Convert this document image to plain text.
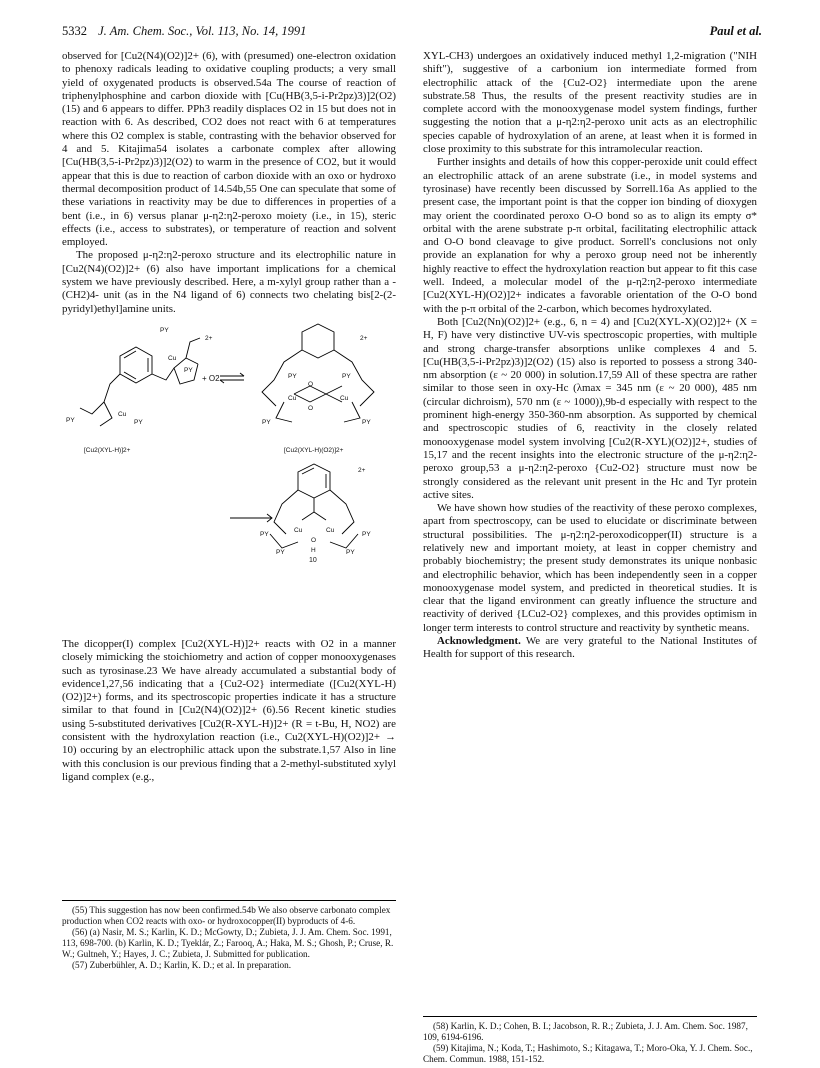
5332 J. Am. Chem. Soc., Vol. 113, No. 14, 1991	Paul et al.

observed for [Cu2(N4)(O2)]2+ (6), with (presumed) one-electron oxidation to phenoxy radicals leading to oxidative coupling products; a very small yield of oxygenated products is observed.54a The course of reaction of triphenylphosphine and carbon dioxide with [Cu(HB(3,5-i-Pr2pz)3)]2(O2) (15) and 6 appears to differ. PPh3 readily displaces O2 in 15 but does not in reaction with 6. As described, CO2 does not react with 6 at temperatures where this O2 complex is stable, contrasting with the behavior observed for 4 and 5. Kitajima54 isolates a carbonate complex after allowing [Cu(HB(3,5-i-Pr2pz)3)]2(O2) to warm in the presence of CO2, but it would appear that this is due to reaction of carbon dioxide with an oxo or hydroxo thermal decomposition product of 14.54b,55 One can speculate that some of these variations in reactivity may be due to differences in properties of a bent (i.e., in 6) versus planar μ-η2:η2-peroxo moiety (i.e., in 15), steric effects (i.e., access to substrates), or temperature of reaction and solvent employed.

The proposed μ-η2:η2-peroxo structure and its electrophilic nature in [Cu2(N4)(O2)]2+ (6) also have important implications for a chemical system we have previously described. Here, a m-xylyl group rather than a -(CH2)4- unit (as in the N4 ligand of 6) connects two chelating bis[2-(2-pyridyl)ethyl]amine units.

PY
2+
Cu
PY
Cu
PY	PY
+ O2	PY	PY
2+
Cu	Cu
O
O
PY	PY
2+
PY
Cu	Cu
PY
PY	PY
O
H
10
[Cu2(XYL-H)]2+	[Cu2(XYL-H)(O2)]2+

The dicopper(I) complex [Cu2(XYL-H)]2+ reacts with O2 in a manner closely mimicking the stoichiometry and action of copper monooxygenases such as tyrosinase.23 We have already accumulated a substantial body of evidence1,27,56 indicating that a {Cu2-O2} intermediate ([Cu2(XYL-H)(O2)]2+) forms, and its spectroscopic properties indicate it has a structure similar to that found in [Cu2(N4)(O2)]2+ (6).56 Recent kinetic studies using 5-substituted derivatives [Cu2(R-XYL-H)]2+ (R = t-Bu, H, NO2) are consistent with the hydroxylation reaction (i.e., Cu2(XYL-H)(O2)]2+ → 10) occuring by an electrophilic attack upon the substrate.1,57 Also in line with this conclusion is our previous finding that a 2-methyl-substituted xylyl ligand complex (e.g.,

(55) This suggestion has now been confirmed.54b We also observe carbonato complex production when CO2 reacts with oxo- or hydroxocopper(II) byproducts of 4-6.

(56) (a) Nasir, M. S.; Karlin, K. D.; McGowty, D.; Zubieta, J. J. Am. Chem. Soc. 1991, 113, 698-700. (b) Karlin, K. D.; Tyeklár, Z.; Farooq, A.; Haka, M. S.; Ghosh, P.; Cruse, R. W.; Gultneh, Y.; Hayes, J. C.; Zubieta, J. Submitted for publication.

(57) Zuberbühler, A. D.; Karlin, K. D.; et al. In preparation.

XYL-CH3) undergoes an oxidatively induced methyl 1,2-migration ("NIH shift"), suggestive of a carbonium ion intermediate formed from electrophilic attack of the {Cu2-O2} intermediate upon the arene substrate.58 Thus, the results of the present reactivity studies are in complete accord with the monooxygenase model system findings, further suggesting the notion that a μ-η2:η2-peroxo unit acts as an electrophilic species capable of hydroxylation of an arene, at least when it is formed in close proximity to this substrate for this intramolecular reaction.

Further insights and details of how this copper-peroxide unit could effect an electrophilic attack of an arene substrate (i.e., in model systems and tyrosinase) have recently been discussed by Sorrell.16a As applied to the present case, the important point is that the copper ion binding of dioxygen may orient the coordinated peroxo O-O bond so as to align its empty σ* orbital with the arene substrate p-π orbital, facilitating electrophilic attack and O-O bond cleavage to give product. Sorrell's conclusions not only provide an explanation for why a peroxo group need not be inherently highly reactive to effect the hydroxylation reaction but appear to fit this case well. Indeed, a molecular model of the μ-η2:η2-peroxo intermediate [Cu2(XYL-H)(O2)]2+ indicates a favorable orientation of the O-O bond with the p-π orbital of the 2-carbon, which becomes hydroxylated.

Both [Cu2(Nn)(O2)]2+ (e.g., 6, n = 4) and [Cu2(XYL-X)(O2)]2+ (X = H, F) have very distinctive UV-vis spectroscopic properties, with multiple and strong charge-transfer absorptions unlike complexes 4 and 5. [Cu(HB(3,5-i-Pr2pz)3)]2(O2) (15) also is reported to possess a strong 340-nm absorption (ε ~ 20 000) in solution.17,59 All of these spectra are rather similar to those seen in oxy-Hc (λmax = 345 nm (ε ~ 20 000), 485 nm (circular dichroism), 570 nm (ε ~ 1000)),9b-d especially with respect to the prominent high-energy 350-360-nm absorption. As supported by chemical and spectroscopic studies of 6, reactivity in the closely related monooxygenase model system involving [Cu2(R-XYL)(O2)]2+, studies of 15,17 and the recent insights into the electronic structure of the μ-η2:η2-peroxo group,53 a μ-η2:η2-peroxo {Cu2-O2} structure must now be strongly considered as the relevant unit present in the Hc and Tyr protein active sites.

We have shown how studies of the reactivity of these peroxo complexes, apart from spectroscopy, can be used to elucidate or discriminate between structural possibilities. The μ-η2:η2-peroxodicopper(II) structure is a relatively new and important moiety, at least in copper chemistry and probably biochemistry; the present study demonstrates its unique nonbasic and electrophilic behavior, which has been independently seen in a copper monooxygenase model system, and predicted in theoretical studies. It is clear that the ligand environment can greatly influence the structure and reactivity of derived {LCu2-O2} complexes, and this provides optimism in longer term interests to control structure and reactivity by synthetic means.

Acknowledgment. We are very grateful to the National Institutes of Health for support of this research.

(58) Karlin, K. D.; Cohen, B. I.; Jacobson, R. R.; Zubieta, J. J. Am. Chem. Soc. 1987, 109, 6194-6196.

(59) Kitajima, N.; Koda, T.; Hashimoto, S.; Kitagawa, T.; Moro-Oka, Y. J. Chem. Soc., Chem. Commun. 1988, 151-152.
